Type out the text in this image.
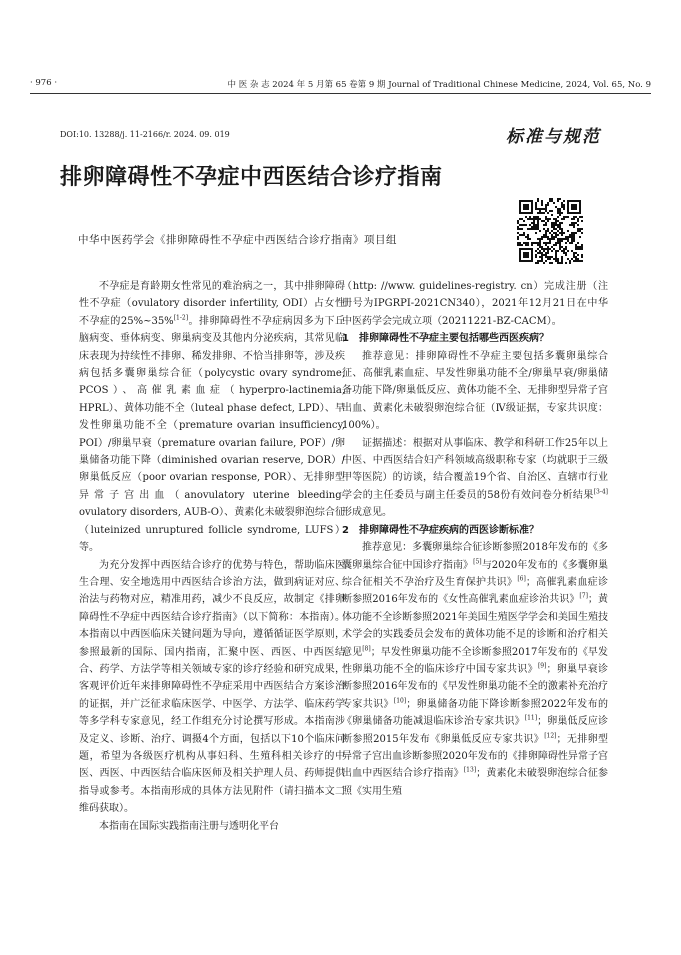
· 976 ·	中 医 杂 志 2024 年 5 月第 65 卷第 9 期 Journal of Traditional Chinese Medicine, 2024, Vol. 65, No. 9
DOI:10. 13288/j. 11-2166/r. 2024. 09. 019	标准与规范
排卵障碍性不孕症中西医结合诊疗指南
中华中医药学会《排卵障碍性不孕症中西医结合诊疗指南》项目组

不孕症是育龄期女性常见的难治病之一，其中排卵障碍性不孕症（ovulatory disorder infertility, ODI）占女性不孕症的25%~35%[1-2]。排卵障碍性不孕症病因多为下丘脑病变、垂体病变、卵巢病变及其他内分泌疾病，其常见临床表现为持续性不排卵、稀发排卵、不恰当排卵等，涉及疾病包括多囊卵巢综合征（polycystic ovary syndrome, PCOS）、高催乳素血症（hyperpro-lactinemia, HPRL）、黄体功能不全（luteal phase defect, LPD）、早发性卵巢功能不全（premature ovarian insufficiency, POI）/卵巢早衰（premature ovarian failure, POF）/卵巢储备功能下降（diminished ovarian reserve, DOR）/卵巢低反应（poor ovarian response, POR）、无排卵型异常子宫出血（anovulatory uterine bleeding-ovulatory disorders, AUB-O）、黄素化未破裂卵泡综合征（luteinized unruptured follicle syndrome, LUFS）等。

为充分发挥中西医结合诊疗的优势与特色，帮助临床医生合理、安全地选用中西医结合诊治方法，做到病证对应、治法与药物对应，精准用药，减少不良反应，故制定《排卵障碍性不孕症中西医结合诊疗指南》（以下简称：本指南）。本指南以中西医临床关键问题为导向，遵循循证医学原则，参照最新的国际、国内指南，汇聚中医、西医、中西医结合、药学、方法学等相关领域专家的诊疗经验和研究成果，客观评价近年来排卵障碍性不孕症采用中西医结合方案诊治的证据，并广泛征求临床医学、中医学、方法学、临床药学等多学科专家意见，经工作组充分讨论撰写形成。本指南涉及定义、诊断、治疗、调摄4个方面，包括以下10个临床问题，希望为各级医疗机构从事妇科、生殖科相关诊疗的中医、西医、中西医结合临床医师及相关护理人员、药师提供指导或参考。本指南形成的具体方法见附件（请扫描本文二维码获取）。

本指南在国际实践指南注册与透明化平台

（http: //www. guidelines-registry. cn）完成注册（注册号为IPGRPI-2021CN340），2021年12月21日在中华中医药学会完成立项（20211221-BZ-CACM）。

1　排卵障碍性不孕症主要包括哪些西医疾病？

推荐意见：排卵障碍性不孕症主要包括多囊卵巢综合征、高催乳素血症、早发性卵巢功能不全/卵巢早衰/卵巢储备功能下降/卵巢低反应、黄体功能不全、无排卵型异常子宫出血、黄素化未破裂卵泡综合征（Ⅳ级证据，专家共识度：100%）。

证据描述：根据对从事临床、教学和科研工作25年以上中医、中西医结合妇产科领域高级职称专家（均就职于三级甲等医院）的访谈，结合覆盖19个省、自治区、直辖市行业学会的主任委员与副主任委员的58份有效问卷分析结果[3-4]形成意见。

2　排卵障碍性不孕症疾病的西医诊断标准？

推荐意见：多囊卵巢综合征诊断参照2018年发布的《多囊卵巢综合征中国诊疗指南》[5]与2020年发布的《多囊卵巢综合征相关不孕治疗及生育保护共识》[6]；高催乳素血症诊断参照2016年发布的《女性高催乳素血症诊治共识》[7]；黄体功能不全诊断参照2021年美国生殖医学学会和美国生殖技术学会的实践委员会发布的黄体功能不足的诊断和治疗相关意见[8]；早发性卵巢功能不全诊断参照2017年发布的《早发性卵巢功能不全的临床诊疗中国专家共识》[9]；卵巢早衰诊断参照2016年发布的《早发性卵巢功能不全的激素补充治疗专家共识》[10]；卵巢储备功能下降诊断参照2022年发布的《卵巢储备功能减退临床诊治专家共识》[11]；卵巢低反应诊断参照2015年发布《卵巢低反应专家共识》[12]；无排卵型异常子宫出血诊断参照2020年发布的《排卵障碍性异常子宫出血中西医结合诊疗指南》[13]；黄素化未破裂卵泡综合征参照《实用生殖
